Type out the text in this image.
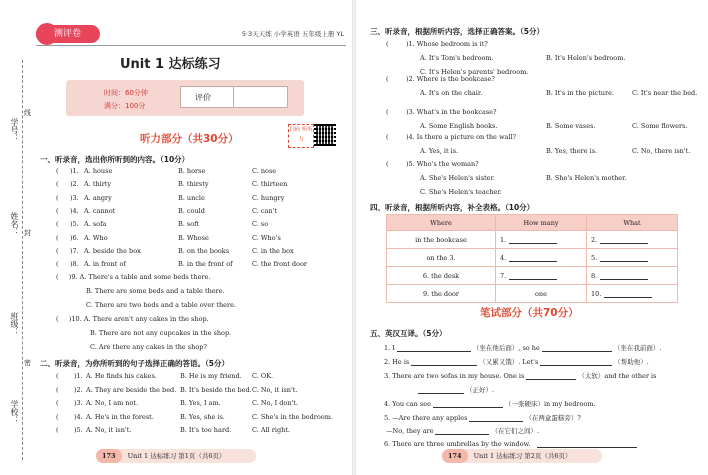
测评卷	5·3天天练 小学英语 五年级上册 YL
学号：
姓名：
班级：
学校：
线
封
密
Unit 1 达标练习
时间：60分钟
满分：100分
评价
听力部分（共30分）
扫码 听听力
一、听录音，选出你所听到的内容。（10分）
( )1. A. house	B. horse	C. nose
( )2. A. thirty	B. thirsty	C. thirteen
( )3. A. angry	B. uncle	C. hungry
( )4. A. cannot	B. could	C. can't
( )5. A. sofa	B. soft	C. so
( )6. A. Who	B. Whose	C. Who's
( )7. A. beside the box	B. on the books	C. in the box
( )8. A. in front of	B. in the front of	C. the front door
(     )9. A. There's a table and some beds there.
B. There are some beds and a table there.
C. There are two beds and a table over there.
(     )10. A. There aren't any cakes in the shop.
B. There are not any cupcakes in the shop.
C. Are there any cakes in the shop?
二、听录音，为你所听到的句子选择正确的答语。（5分）
( )1. A. He finds his cakes.	B. He is my friend. C. OK.
( )2. A. They are beside the bed. B. It's beside the bed. C. No, it isn't.
( )3. A. No, I am not.	B. Yes, I am.	C. No, I don't.
( )4. A. He's in the forest.	B. Yes, she is.	C. She's in the bedroom.
( )5. A. No, it isn't.	B. It's too hard.	C. All right.
173 Unit 1 达标练习 第1页（共6页）
三、听录音，根据所听内容，选择正确答案。（5分）
(	)1. Whose bedroom is it?
A. It's Tom's bedroom.	B. It's Helen's bedroom.
C. It's Helen's parents' bedroom.
(	)2. Where is the bookcase?
A. It's on the chair.	B. It's in the picture.	C. It's near the bed.
(	)3. What's in the bookcase?
A. Some English books.	B. Some vases.	C. Some flowers.
(	)4. Is there a picture on the wall?
A. Yes, it is.	B. Yes, there is.	C. No, there isn't.
(	)5. Who's the woman?
A. She's Helen's sister.	B. She's Helen's mother.
C. She's Helen's teacher.
四、听录音，根据所听内容，补全表格。（10分）
笔试部分（共70分）
五、英汉互译。（5分）
1. I	（坐在他后面）, so he	（坐在我前面）.
2. He is	（又累又饿）. Let's	（帮助他）.
3. There are two sofas in my house. One is	（太软）and the other is
（正好）.
4. You can see	（一张硬床）in my bedroom.
5. —Are there any apples	（在两盒蛋糕旁）?
—No, they are	（在它们之间）.
6. There are three umbrellas by the window.
174 Unit 1 达标练习 第2页（共6页）
Where	How many	What
in the bookcase	1.	2.
on the 3.	4.	5.
6. the desk	7.	8.
9. the door	one	10.
